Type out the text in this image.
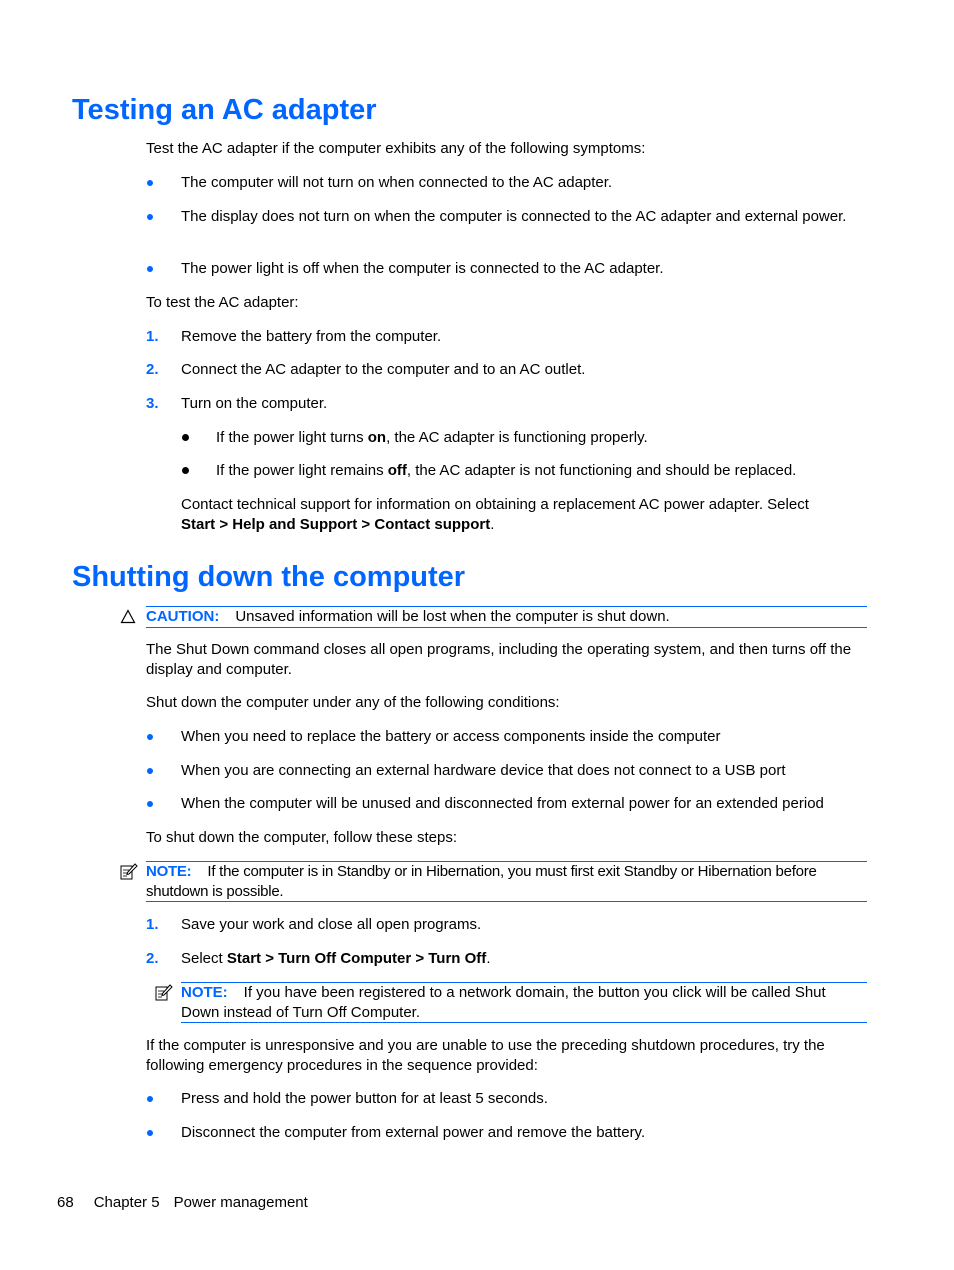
Testing an AC adapter
Test the AC adapter if the computer exhibits any of the following symptoms:
The computer will not turn on when connected to the AC adapter.
The display does not turn on when the computer is connected to the AC adapter and external power.
The power light is off when the computer is connected to the AC adapter.
To test the AC adapter:
1. Remove the battery from the computer.
2. Connect the AC adapter to the computer and to an AC outlet.
3. Turn on the computer.
If the power light turns on, the AC adapter is functioning properly.
If the power light remains off, the AC adapter is not functioning and should be replaced.
Contact technical support for information on obtaining a replacement AC power adapter. Select
Start > Help and Support > Contact support.
Shutting down the computer
CAUTION: Unsaved information will be lost when the computer is shut down.
The Shut Down command closes all open programs, including the operating system, and then turns off the display and computer.
Shut down the computer under any of the following conditions:
When you need to replace the battery or access components inside the computer
When you are connecting an external hardware device that does not connect to a USB port
When the computer will be unused and disconnected from external power for an extended period
To shut down the computer, follow these steps:
NOTE: If the computer is in Standby or in Hibernation, you must first exit Standby or Hibernation before shutdown is possible.
1. Save your work and close all open programs.
2. Select Start > Turn Off Computer > Turn Off.
NOTE: If you have been registered to a network domain, the button you click will be called Shut Down instead of Turn Off Computer.
If the computer is unresponsive and you are unable to use the preceding shutdown procedures, try the following emergency procedures in the sequence provided:
Press and hold the power button for at least 5 seconds.
Disconnect the computer from external power and remove the battery.
68 Chapter 5 Power management
